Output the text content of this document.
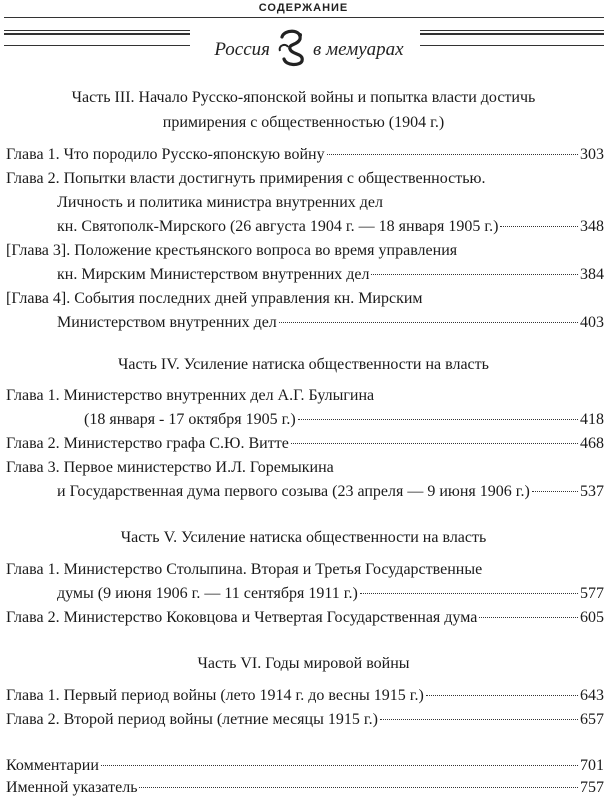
СОДЕРЖАНИЕ
Россия в мемуарах
Часть III. Начало Русско-японской войны и попытка власти достичь
примирения с общественностью (1904 г.)
Глава 1. Что породило Русско-японскую войну	303
Глава 2. Попытки власти достигнуть примирения с общественностью.
Личность и политика министра внутренних дел
кн. Святополк-Мирского (26 августа 1904 г. — 18 января 1905 г.)	348
[Глава 3]. Положение крестьянского вопроса во время управления
кн. Мирским Министерством внутренних дел	384
[Глава 4]. События последних дней управления кн. Мирским
Министерством внутренних дел	403
Часть IV. Усиление натиска общественности на власть
Глава 1. Министерство внутренних дел А.Г. Булыгина
(18 января - 17 октября 1905 г.)	418
Глава 2. Министерство графа С.Ю. Витте	468
Глава 3. Первое министерство И.Л. Горемыкина
и Государственная дума первого созыва (23 апреля — 9 июня 1906 г.)	537
Часть V. Усиление натиска общественности на власть
Глава 1. Министерство Столыпина. Вторая и Третья Государственные
думы (9 июня 1906 г. — 11 сентября 1911 г.)	577
Глава 2. Министерство Коковцова и Четвертая Государственная дума	605
Часть VI. Годы мировой войны
Глава 1. Первый период войны (лето 1914 г. до весны 1915 г.)	643
Глава 2. Второй период войны (летние месяцы 1915 г.)	657
Комментарии	701
Именной указатель	757
